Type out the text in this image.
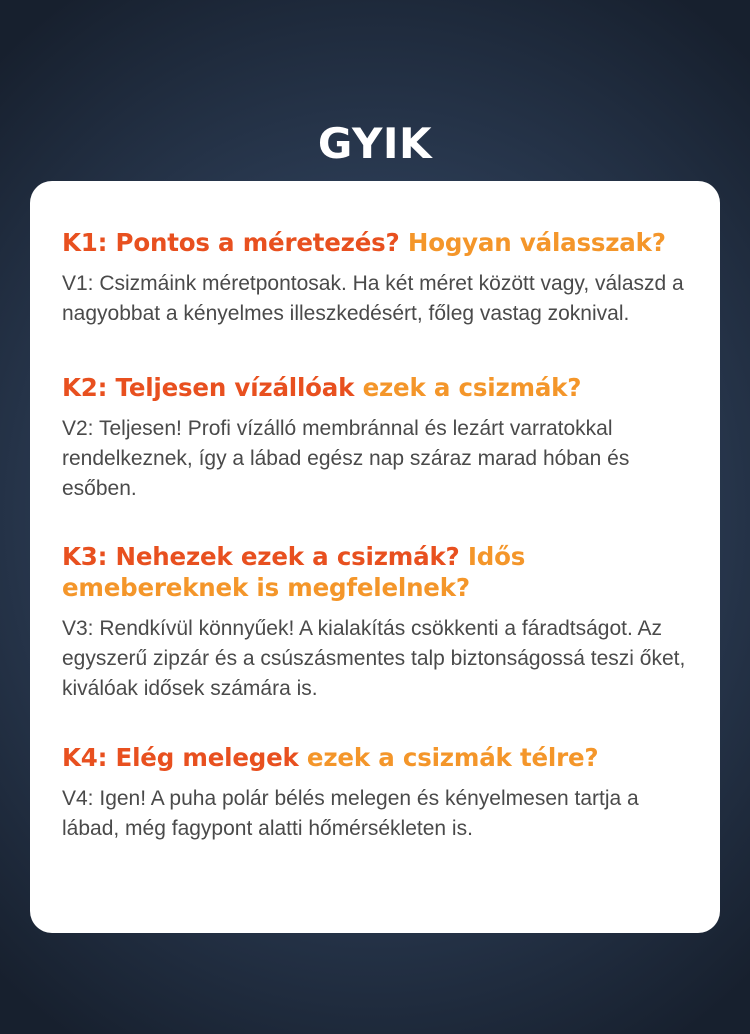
GYIK
K1: Pontos a méretezés? Hogyan válasszak?

V1: Csizmáink méretpontosak. Ha két méret között vagy, válaszd a nagyobbat a kényelmes illeszkedésért, főleg vastag zoknival.

K2: Teljesen vízállóak ezek a csizmák?

V2: Teljesen! Profi vízálló membránnal és lezárt varratokkal rendelkeznek, így a lábad egész nap száraz marad hóban és esőben.

K3: Nehezek ezek a csizmák? Idős emebereknek is megfelelnek?

V3: Rendkívül könnyűek! A kialakítás csökkenti a fáradtságot. Az egyszerű zipzár és a csúszásmentes talp biztonságossá teszi őket, kiválóak idősek számára is.

K4: Elég melegek ezek a csizmák télre?

V4: Igen! A puha polár bélés melegen és kényelmesen tartja a lábad, még fagypont alatti hőmérsékleten is.
